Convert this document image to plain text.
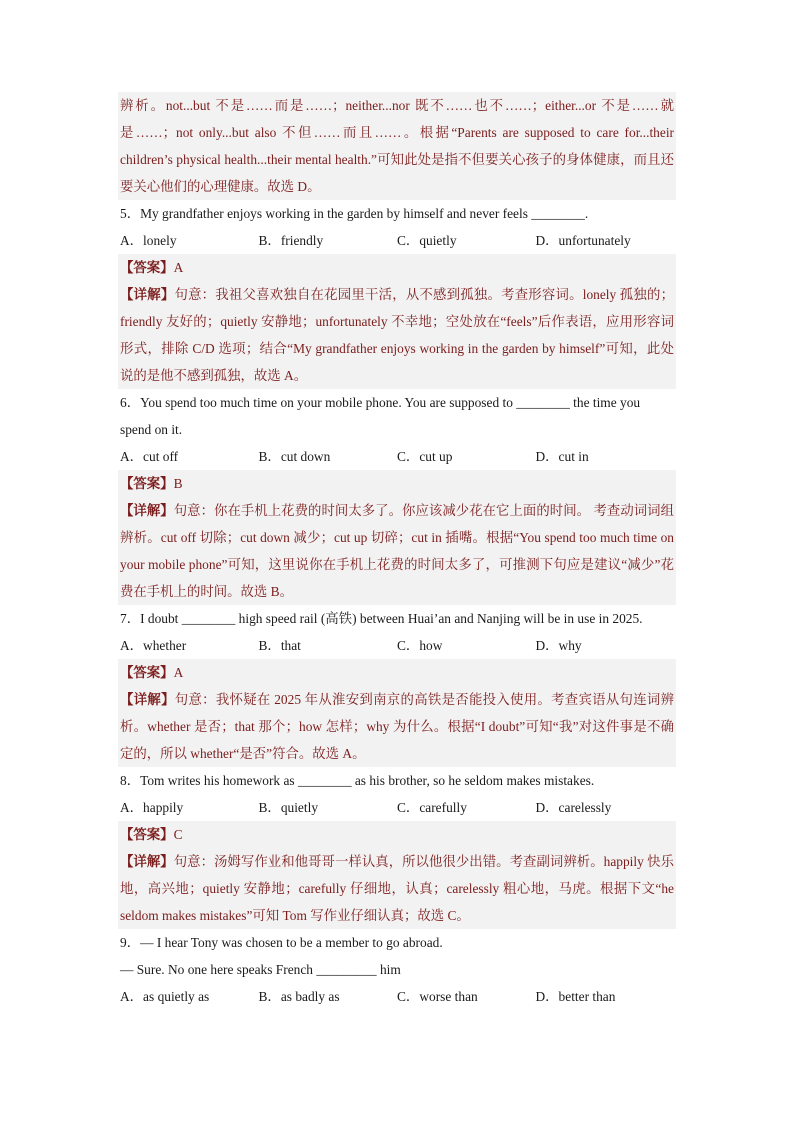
辨析。not...but 不是……而是……；neither...nor 既不……也不……；either...or 不是……就是……；not only...but also 不但……而且……。根据“Parents are supposed to care for...their children’s physical health...their mental health.”可知此处是指不但要关心孩子的身体健康，而且还要关心他们的心理健康。故选 D。

5．My grandfather enjoys working in the garden by himself and never feels ________.

A．lonely	B．friendly	C．quietly	D．unfortunately

【答案】A

【详解】句意：我祖父喜欢独自在花园里干活，从不感到孤独。考查形容词。lonely 孤独的；friendly 友好的；quietly 安静地；unfortunately 不幸地；空处放在“feels”后作表语，应用形容词形式，排除 C/D 选项；结合“My grandfather enjoys working in the garden by himself”可知，此处说的是他不感到孤独，故选 A。

6．You spend too much time on your mobile phone. You are supposed to ________ the time you spend on it.

A．cut off	B．cut down	C．cut up	D．cut in

【答案】B

【详解】句意：你在手机上花费的时间太多了。你应该减少花在它上面的时间。 考查动词词组辨析。cut off 切除；cut down 减少；cut up 切碎；cut in 插嘴。根据“You spend too much time on your mobile phone”可知，这里说你在手机上花费的时间太多了，可推测下句应是建议“减少”花费在手机上的时间。故选 B。

7．I doubt ________ high speed rail (高铁) between Huai’an and Nanjing will be in use in 2025.

A．whether	B．that	C．how	D．why

【答案】A

【详解】句意：我怀疑在 2025 年从淮安到南京的高铁是否能投入使用。考查宾语从句连词辨析。whether 是否；that 那个；how 怎样；why 为什么。根据“I doubt”可知“我”对这件事是不确定的，所以 whether“是否”符合。故选 A。

8．Tom writes his homework as ________ as his brother, so he seldom makes mistakes.

A．happily	B．quietly	C．carefully	D．carelessly

【答案】C

【详解】句意：汤姆写作业和他哥哥一样认真，所以他很少出错。考查副词辨析。happily 快乐地，高兴地；quietly 安静地；carefully 仔细地，认真；carelessly 粗心地，马虎。根据下文“he seldom makes mistakes”可知 Tom 写作业仔细认真；故选 C。

9．— I hear Tony was chosen to be a member to go abroad.

— Sure. No one here speaks French _________ him

A．as quietly as	B．as badly as	C．worse than	D．better than
